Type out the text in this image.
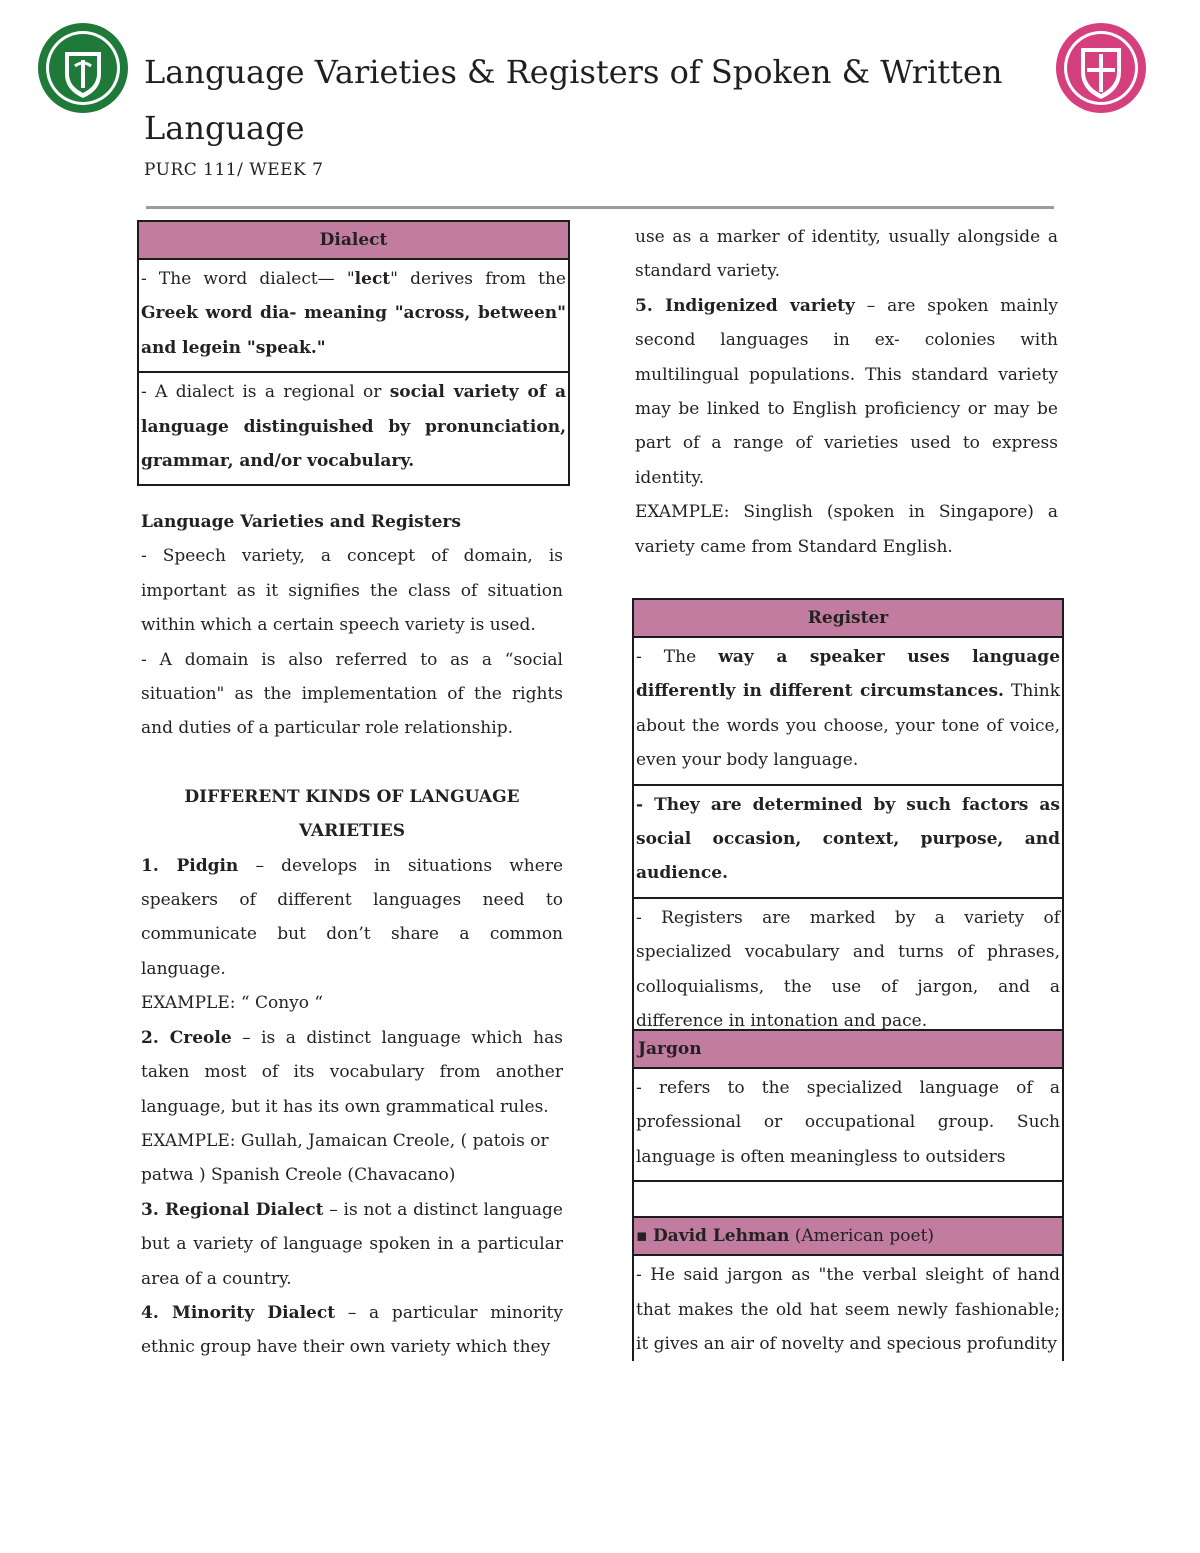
Language Varieties & Registers of Spoken & Written Language
PURC 111/ WEEK 7
Dialect
- The word dialect— "lect" derives from the Greek word dia- meaning "across, between" and legein "speak."
- A dialect is a regional or social variety of a language distinguished by pronunciation, grammar, and/or vocabulary.

Language Varieties and Registers

- Speech variety, a concept of domain, is important as it signifies the class of situation within which a certain speech variety is used.

- A domain is also referred to as a “social situation" as the implementation of the rights and duties of a particular role relationship.

DIFFERENT KINDS OF LANGUAGE VARIETIES

1. Pidgin – develops in situations where speakers of different languages need to communicate but don’t share a common language.

EXAMPLE: “ Conyo “

2. Creole – is a distinct language which has taken most of its vocabulary from another language, but it has its own grammatical rules.

EXAMPLE: Gullah, Jamaican Creole, ( patois or patwa ) Spanish Creole (Chavacano)

3. Regional Dialect – is not a distinct language but a variety of language spoken in a particular area of a country.

4. Minority Dialect – a particular minority ethnic group have their own variety which they

use as a marker of identity, usually alongside a standard variety.

5. Indigenized variety – are spoken mainly second languages in ex- colonies with multilingual populations. This standard variety may be linked to English proficiency or may be part of a range of varieties used to express identity.

EXAMPLE: Singlish (spoken in Singapore) a variety came from Standard English.

Register
- The way a speaker uses language differently in different circumstances. Think about the words you choose, your tone of voice, even your body language.
- They are determined by such factors as social occasion, context, purpose, and audience.
- Registers are marked by a variety of specialized vocabulary and turns of phrases, colloquialisms, the use of jargon, and a difference in intonation and pace.
Jargon
- refers to the specialized language of a professional or occupational group. Such language is often meaningless to outsiders
▪ David Lehman (American poet)
- He said jargon as "the verbal sleight of hand that makes the old hat seem newly fashionable; it gives an air of novelty and specious profundity
